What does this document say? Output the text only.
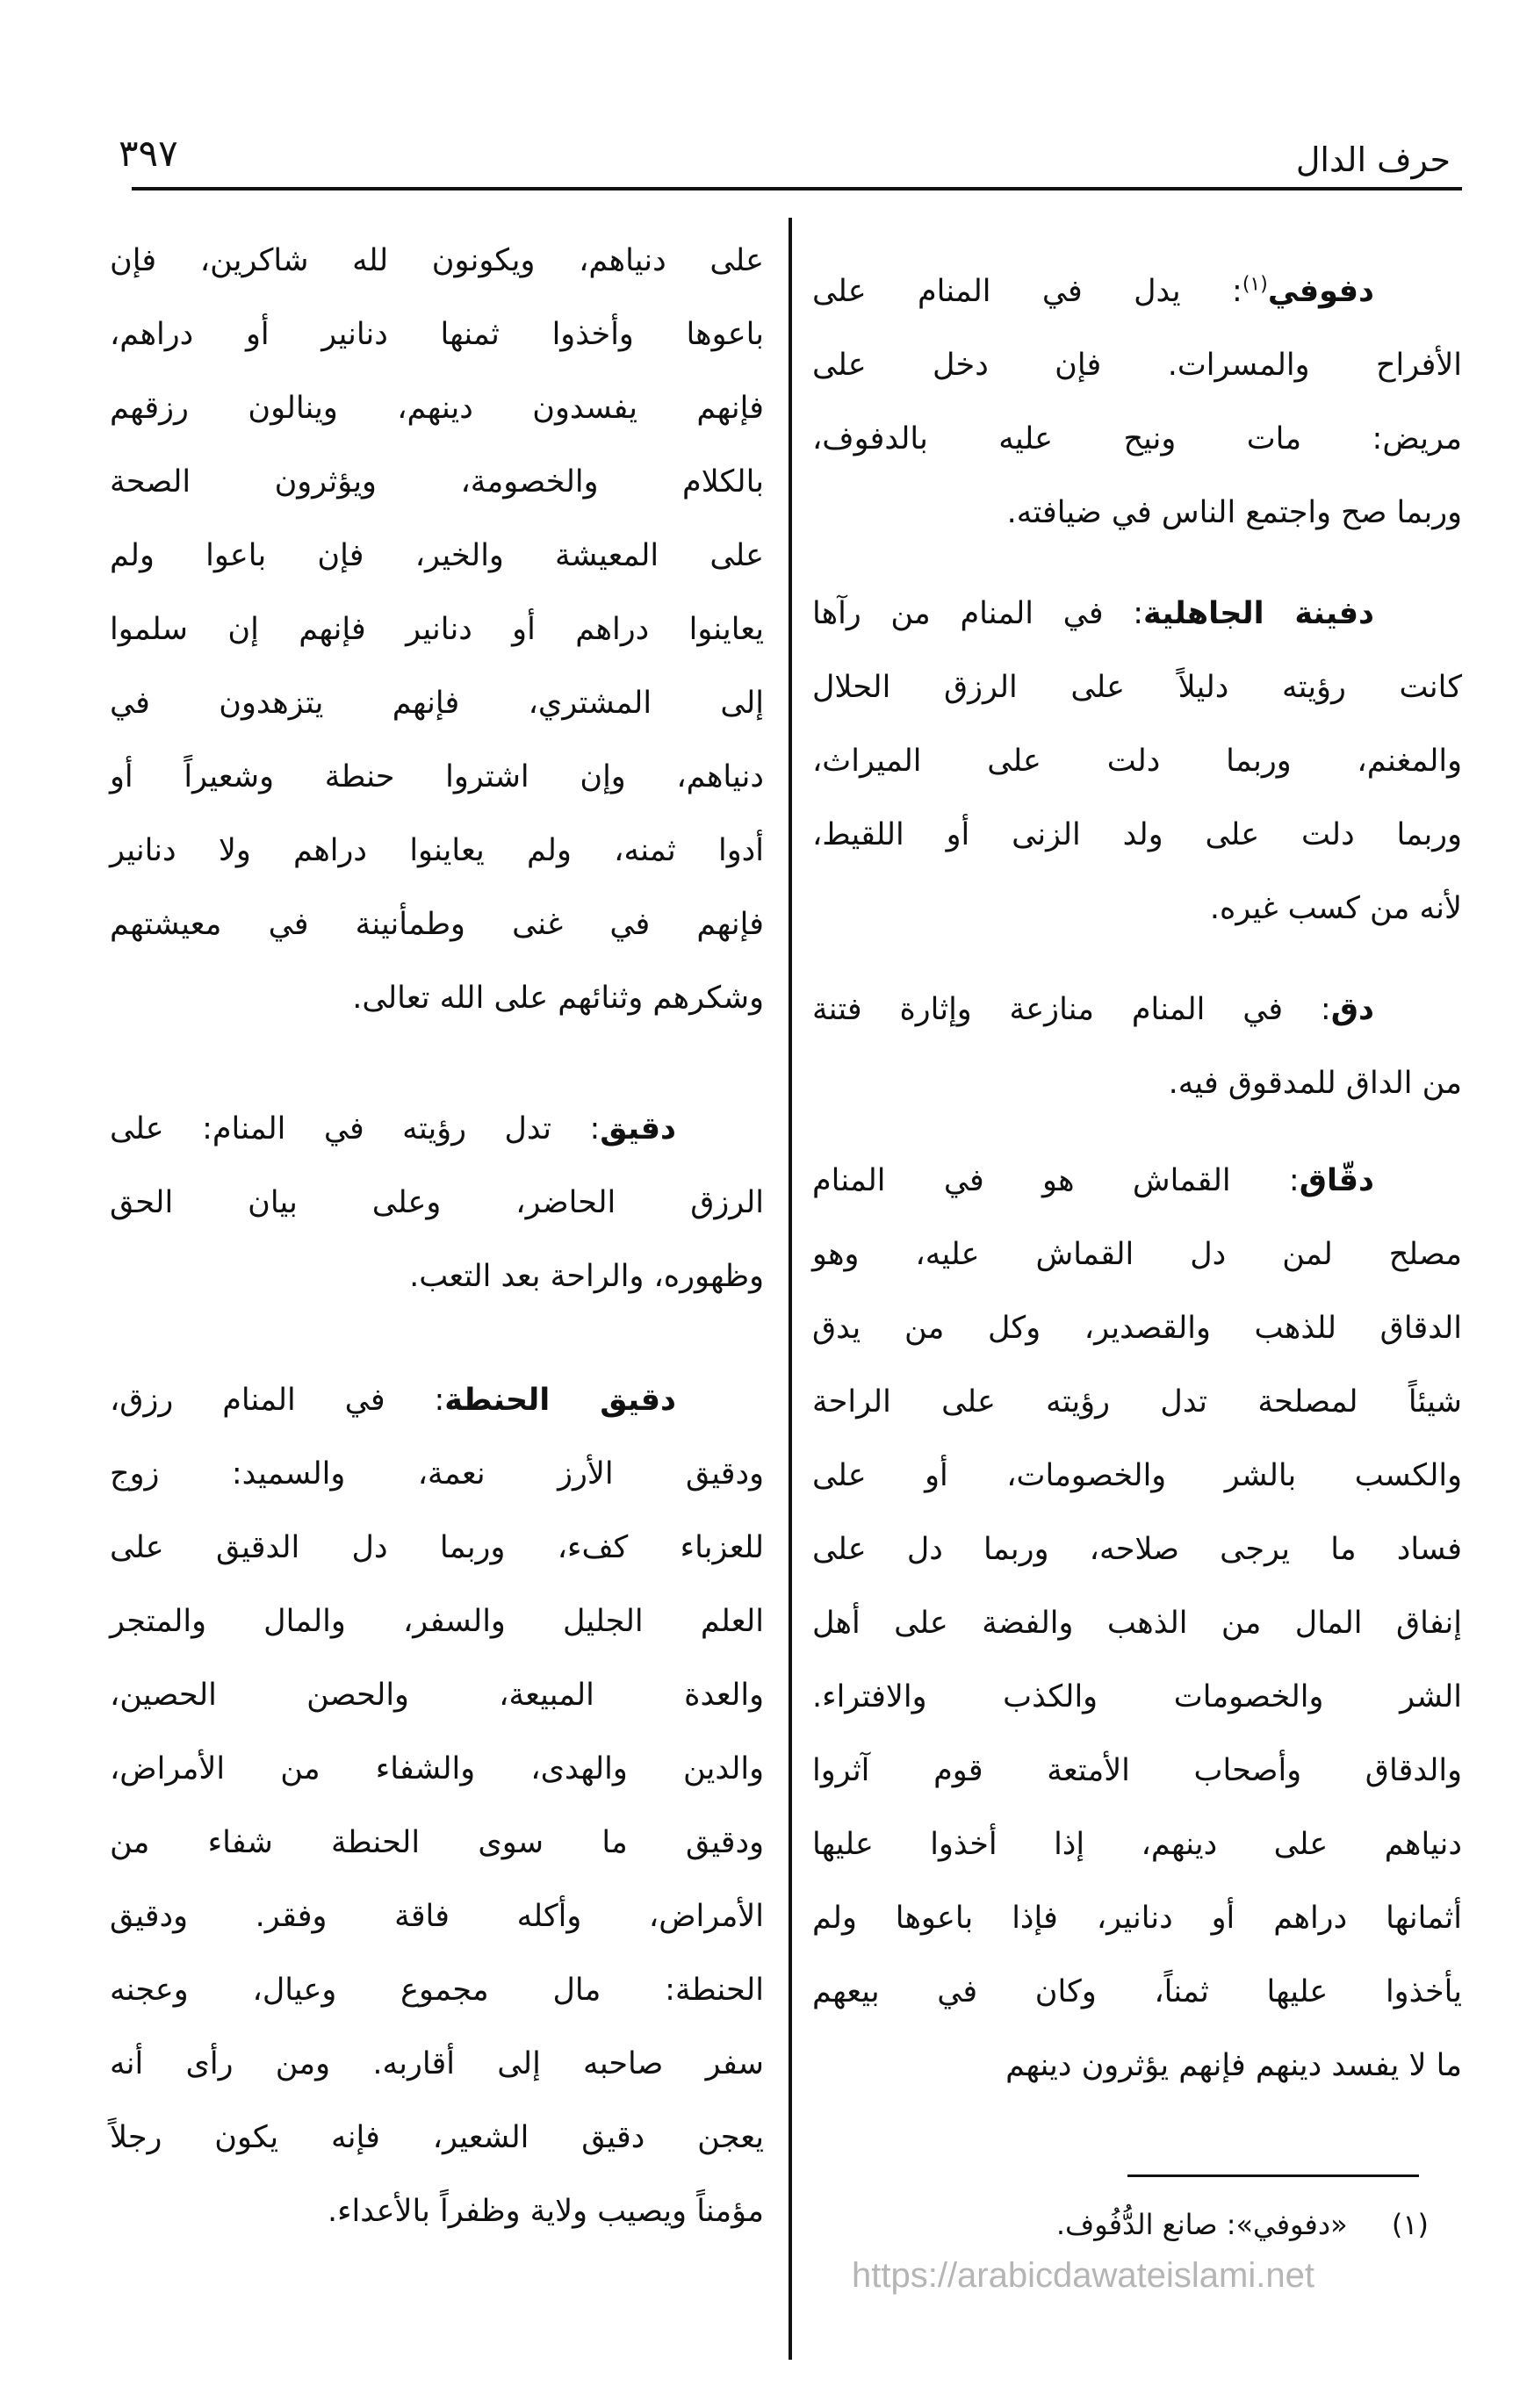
حرف الدال
٣٩٧
دفوفي$^{(١)}$: يدل في المنام على
الأفراح والمسرات. فإن دخل على
مريض: مات ونيح عليه بالدفوف،
وربما صح واجتمع الناس في ضيافته.
دفينة الجاهلية: في المنام من رآها
كانت رؤيته دليلاً على الرزق الحلال
والمغنم، وربما دلت على الميراث،
وربما دلت على ولد الزنى أو اللقيط،
لأنه من كسب غيره.
دق: في المنام منازعة وإثارة فتنة
من الداق للمدقوق فيه.
دقّاق: القماش هو في المنام
مصلح لمن دل القماش عليه، وهو
الدقاق للذهب والقصدير، وكل من يدق
شيئاً لمصلحة تدل رؤيته على الراحة
والكسب بالشر والخصومات، أو على
فساد ما يرجى صلاحه، وربما دل على
إنفاق المال من الذهب والفضة على أهل
الشر والخصومات والكذب والافتراء.
والدقاق وأصحاب الأمتعة قوم آثروا
دنياهم على دينهم، إذا أخذوا عليها
أثمانها دراهم أو دنانير، فإذا باعوها ولم
يأخذوا عليها ثمناً، وكان في بيعهم
ما لا يفسد دينهم فإنهم يؤثرون دينهم
على دنياهم، ويكونون لله شاكرين، فإن
باعوها وأخذوا ثمنها دنانير أو دراهم،
فإنهم يفسدون دينهم، وينالون رزقهم
بالكلام والخصومة، ويؤثرون الصحة
على المعيشة والخير، فإن باعوا ولم
يعاينوا دراهم أو دنانير فإنهم إن سلموا
إلى المشتري، فإنهم يتزهدون في
دنياهم، وإن اشتروا حنطة وشعيراً أو
أدوا ثمنه، ولم يعاينوا دراهم ولا دنانير
فإنهم في غنى وطمأنينة في معيشتهم
وشكرهم وثنائهم على الله تعالى.
دقيق: تدل رؤيته في المنام: على
الرزق الحاضر، وعلى بيان الحق
وظهوره، والراحة بعد التعب.
دقيق الحنطة: في المنام رزق،
ودقيق الأرز نعمة، والسميد: زوج
للعزباء كفء، وربما دل الدقيق على
العلم الجليل والسفر، والمال والمتجر
والعدة المبيعة، والحصن الحصين،
والدين والهدى، والشفاء من الأمراض،
ودقيق ما سوى الحنطة شفاء من
الأمراض، وأكله فاقة وفقر. ودقيق
الحنطة: مال مجموع وعيال، وعجنه
سفر صاحبه إلى أقاربه. ومن رأى أنه
يعجن دقيق الشعير، فإنه يكون رجلاً
مؤمناً ويصيب ولاية وظفراً بالأعداء.	(١) «دفوفي»: صانع الدُّفُوف.
https://arabicdawateislami.net
